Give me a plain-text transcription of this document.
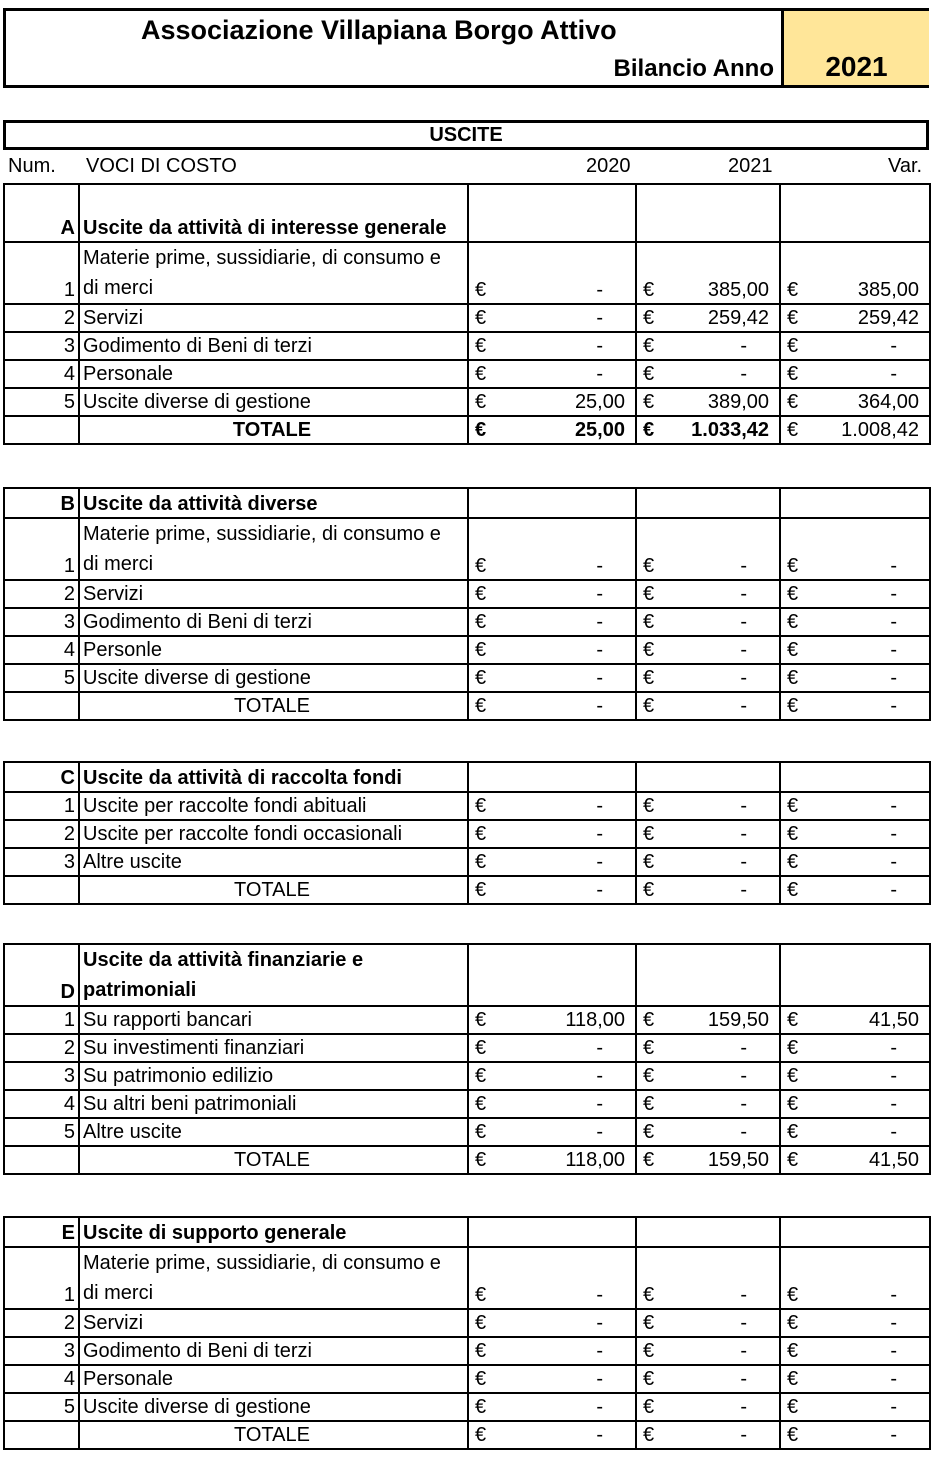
Associazione Villapiana Borgo Attivo
Bilancio Anno	2021
USCITE
Num. VOCI DI COSTO	2020	2021	Var.
A	Uscite da attività di interesse generale			
1	Materie prime, sussidiarie, di consumo e di merci	€ -	€ 385,00	€ 385,00

2	Servizi	€ -	€ 259,42	€ 259,42

3	Godimento di Beni di terzi	€ -	€ -	€ -

4	Personale	€ -	€ -	€ -

5	Uscite diverse di gestione	€ 25,00	€ 389,00	€ 364,00

	TOTALE	€ 25,00	€ 1.033,42	€ 1.008,42
B	Uscite da attività diverse			
1	Materie prime, sussidiarie, di consumo e di merci	€ -	€ -	€ -

2	Servizi	€ -	€ -	€ -

3	Godimento di Beni di terzi	€ -	€ -	€ -

4	Personle	€ -	€ -	€ -

5	Uscite diverse di gestione	€ -	€ -	€ -

	TOTALE	€ -	€ -	€ -
C	Uscite da attività di raccolta fondi			
1	Uscite per raccolte fondi abituali	€ -	€ -	€ -

2	Uscite per raccolte fondi occasionali	€ -	€ -	€ -

3	Altre uscite	€ -	€ -	€ -

	TOTALE	€ -	€ -	€ -
D	Uscite da attività finanziarie e patrimoniali			
1	Su rapporti bancari	€ 118,00	€ 159,50	€ 41,50

2	Su investimenti finanziari	€ -	€ -	€ -

3	Su patrimonio edilizio	€ -	€ -	€ -

4	Su altri beni patrimoniali	€ -	€ -	€ -

5	Altre uscite	€ -	€ -	€ -

	TOTALE	€ 118,00	€ 159,50	€ 41,50
E	Uscite di supporto generale			
1	Materie prime, sussidiarie, di consumo e di merci	€ -	€ -	€ -

2	Servizi	€ -	€ -	€ -

3	Godimento di Beni di terzi	€ -	€ -	€ -

4	Personale	€ -	€ -	€ -

5	Uscite diverse di gestione	€ -	€ -	€ -

	TOTALE	€ -	€ -	€ -
